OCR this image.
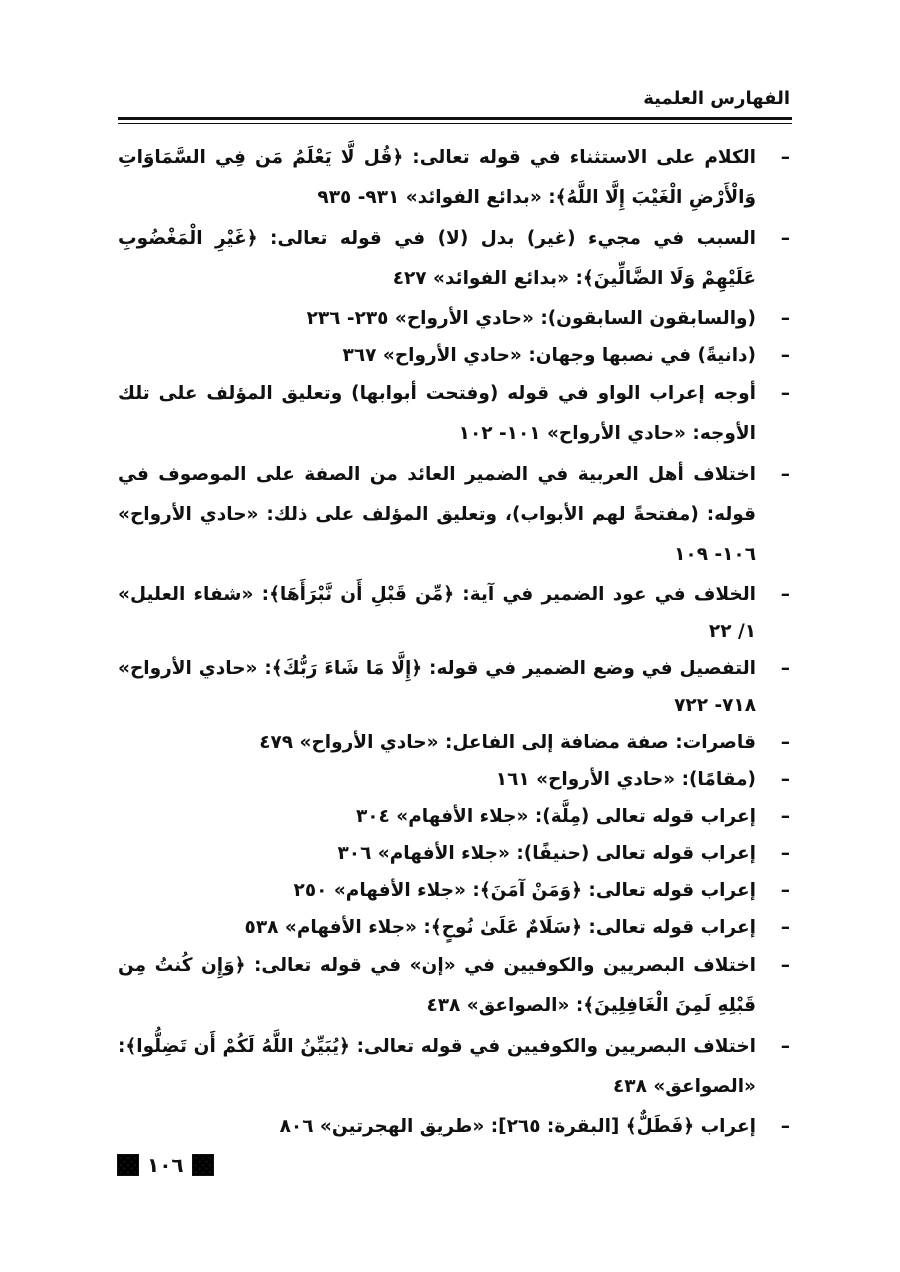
الفهارس العلمية
–
الكلام على الاستثناء في قوله تعالى: ﴿قُل لَّا يَعْلَمُ مَن فِي السَّمَاوَاتِ وَالْأَرْضِ الْغَيْبَ إِلَّا اللَّهُ﴾: «بدائع الفوائد» ٩٣١- ٩٣٥
–
السبب في مجيء (غير) بدل (لا) في قوله تعالى: ﴿غَيْرِ الْمَغْضُوبِ عَلَيْهِمْ وَلَا الضَّالِّينَ﴾: «بدائع الفوائد» ٤٢٧
–
(والسابقون السابقون): «حادي الأرواح» ٢٣٥- ٢٣٦
–
(دانيةً) في نصبها وجهان: «حادي الأرواح» ٣٦٧
–
أوجه إعراب الواو في قوله (وفتحت أبوابها) وتعليق المؤلف على تلك الأوجه: «حادي الأرواح» ١٠١- ١٠٢
–
اختلاف أهل العربية في الضمير العائد من الصفة على الموصوف في قوله: (مفتحةً لهم الأبواب)، وتعليق المؤلف على ذلك: «حادي الأرواح» ١٠٦- ١٠٩
–
الخلاف في عود الضمير في آية: ﴿مِّن قَبْلِ أَن نَّبْرَأَهَا﴾: «شفاء العليل» ١/ ٢٢
–
التفصيل في وضع الضمير في قوله: ﴿إِلَّا مَا شَاءَ رَبُّكَ﴾: «حادي الأرواح» ٧١٨- ٧٢٢
–
قاصرات: صفة مضافة إلى الفاعل: «حادي الأرواح» ٤٧٩
–
(مقامًا): «حادي الأرواح» ١٦١
–
إعراب قوله تعالى (مِلَّة): «جلاء الأفهام» ٣٠٤
–
إعراب قوله تعالى (حنيفًا): «جلاء الأفهام» ٣٠٦
–
إعراب قوله تعالى: ﴿وَمَنْ آمَنَ﴾: «جلاء الأفهام» ٢٥٠
–
إعراب قوله تعالى: ﴿سَلَامٌ عَلَىٰ نُوحٍ﴾: «جلاء الأفهام» ٥٣٨
–
اختلاف البصريين والكوفيين في «إن» في قوله تعالى: ﴿وَإِن كُنتُ مِن قَبْلِهِ لَمِنَ الْغَافِلِينَ﴾: «الصواعق» ٤٣٨
–
اختلاف البصريين والكوفيين في قوله تعالى: ﴿يُبَيِّنُ اللَّهُ لَكُمْ أَن تَضِلُّوا﴾: «الصواعق» ٤٣٨
–
إعراب ﴿فَطَلٌّ﴾ [البقرة: ٢٦٥]: «طريق الهجرتين» ٨٠٦
١٠٦
